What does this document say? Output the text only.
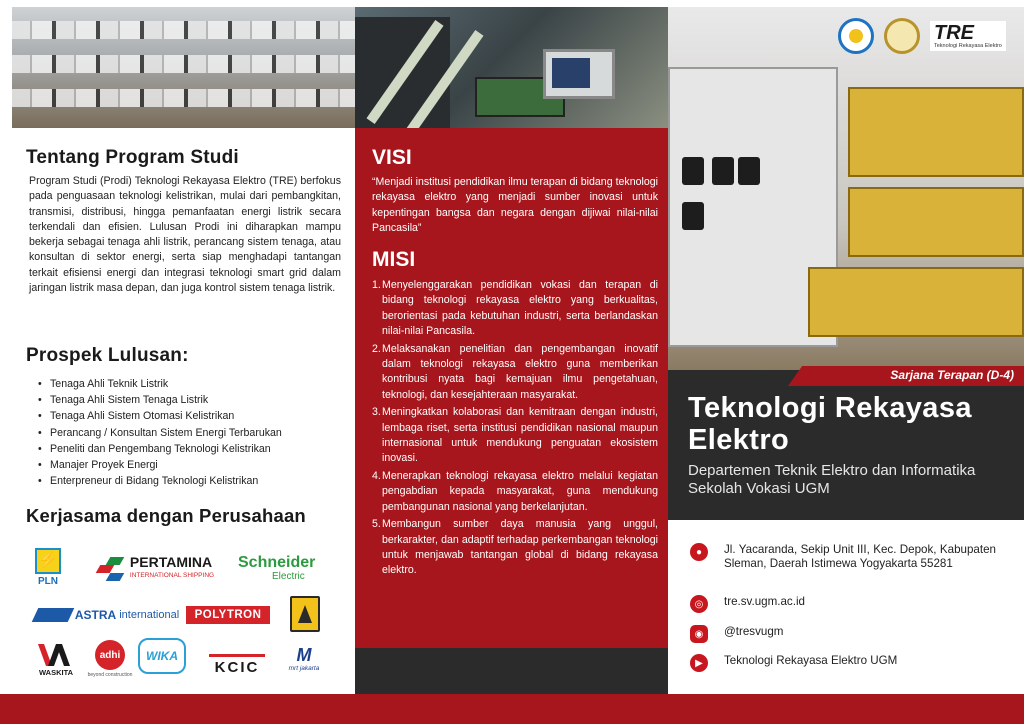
Tentang Program Studi

Program Studi (Prodi) Teknologi Rekayasa Elektro (TRE) berfokus pada penguasaan teknologi kelistrikan, mulai dari pembangkitan, transmisi, distribusi, hingga pemanfaatan energi listrik secara terkendali dan efisien. Lulusan Prodi ini diharapkan mampu bekerja sebagai tenaga ahli listrik, perancang sistem tenaga, atau konsultan di sektor energi, serta siap menghadapi tantangan terkait efisiensi energi dan integrasi teknologi smart grid dalam jaringan listrik masa depan, dan juga kontrol sistem tenaga listrik.

Prospek Lulusan:
• Tenaga Ahli Teknik Listrik
• Tenaga Ahli Sistem Tenaga Listrik
• Tenaga Ahli Sistem Otomasi Kelistrikan
• Perancang / Konsultan Sistem Energi Terbarukan
• Peneliti dan Pengembang Teknologi Kelistrikan
• Manajer Proyek Energi
• Enterpreneur di Bidang Teknologi Kelistrikan
Kerjasama dengan Perusahaan
⚡
PLN
PERTAMINA
INTERNATIONAL SHIPPING
Schneider
Electric
ASTRA international POLYTRON
WASKITA
adhi
beyond construction
WIKA
KCIC
M
mrt jakarta
VISI

“Menjadi institusi pendidikan ilmu terapan di bidang teknologi rekayasa elektro yang menjadi sumber inovasi untuk kepentingan bangsa dan negara dengan dijiwai nilai-nilai Pancasila”

MISI
1. Menyelenggarakan pendidikan vokasi dan terapan di bidang teknologi rekayasa elektro yang berkualitas, berorientasi pada kebutuhan industri, serta berlandaskan nilai-nilai Pancasila.
2. Melaksanakan penelitian dan pengembangan inovatif dalam teknologi rekayasa elektro guna memberikan kontribusi nyata bagi kemajuan ilmu pengetahuan, teknologi, dan kesejahteraan masyarakat.
3. Meningkatkan kolaborasi dan kemitraan dengan industri, lembaga riset, serta institusi pendidikan nasional maupun internasional untuk mendukung penguatan ekosistem inovasi.
4. Menerapkan teknologi rekayasa elektro melalui kegiatan pengabdian kepada masyarakat, guna mendukung pembangunan nasional yang berkelanjutan.
5. Membangun sumber daya manusia yang unggul, berkarakter, dan adaptif terhadap perkembangan teknologi untuk menjawab tantangan global di bidang rekayasa elektro.
TRE
Teknologi Rekayasa Elektro
Sarjana Terapan (D-4)
Teknologi Rekayasa
Elektro
Departemen Teknik Elektro dan Informatika
Sekolah Vokasi UGM
●	Jl. Yacaranda, Sekip Unit III, Kec. Depok, Kabupaten Sleman, Daerah Istimewa Yogyakarta 55281
◎	tre.sv.ugm.ac.id
◉	@tresvugm
▶	Teknologi Rekayasa Elektro UGM
